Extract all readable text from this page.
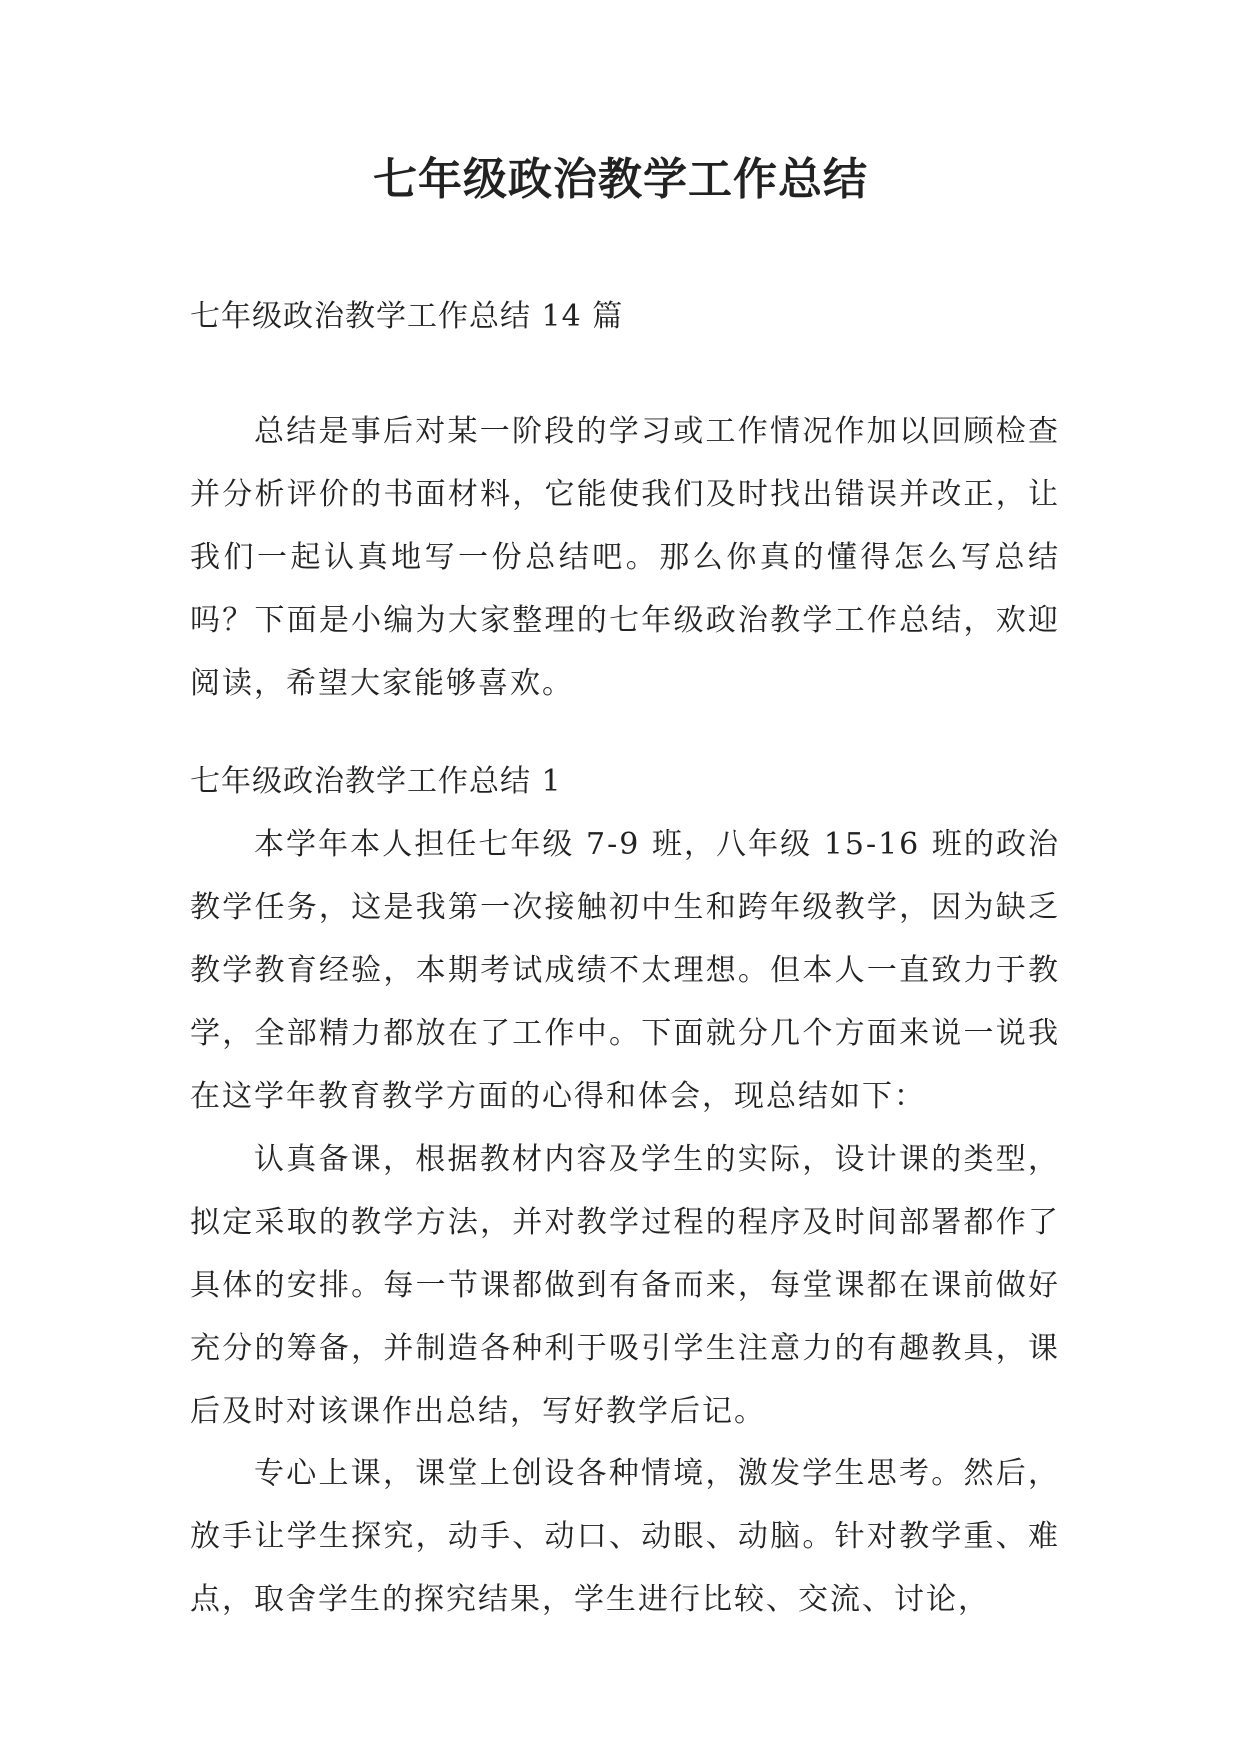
七年级政治教学工作总结

七年级政治教学工作总结 14 篇

总结是事后对某一阶段的学习或工作情况作加以回顾检查并分析评价的书面材料，它能使我们及时找出错误并改正，让我们一起认真地写一份总结吧。那么你真的懂得怎么写总结吗？下面是小编为大家整理的七年级政治教学工作总结，欢迎阅读，希望大家能够喜欢。

七年级政治教学工作总结 1

本学年本人担任七年级 7-9 班，八年级 15-16 班的政治教学任务，这是我第一次接触初中生和跨年级教学，因为缺乏教学教育经验，本期考试成绩不太理想。但本人一直致力于教学，全部精力都放在了工作中。下面就分几个方面来说一说我在这学年教育教学方面的心得和体会，现总结如下：

认真备课，根据教材内容及学生的实际，设计课的类型，拟定采取的教学方法，并对教学过程的程序及时间部署都作了具体的安排。每一节课都做到有备而来，每堂课都在课前做好充分的筹备，并制造各种利于吸引学生注意力的有趣教具，课后及时对该课作出总结，写好教学后记。

专心上课，课堂上创设各种情境，激发学生思考。然后，放手让学生探究，动手、动口、动眼、动脑。针对教学重、难点，取舍学生的探究结果，学生进行比较、交流、讨论，
